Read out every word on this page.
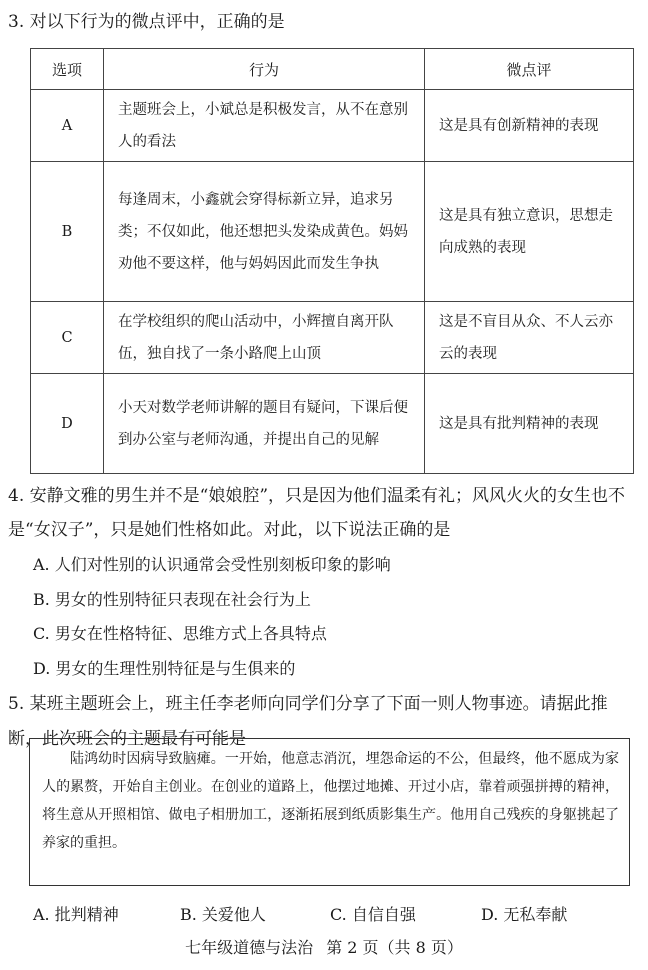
3. 对以下行为的微点评中，正确的是
选项	行为	微点评
A	主题班会上，小斌总是积极发言，从不在意别人的看法	这是具有创新精神的表现
B	每逢周末，小鑫就会穿得标新立异，追求另类；不仅如此，他还想把头发染成黄色。妈妈劝他不要这样，他与妈妈因此而发生争执	这是具有独立意识，思想走向成熟的表现
C	在学校组织的爬山活动中，小辉擅自离开队伍，独自找了一条小路爬上山顶	这是不盲目从众、不人云亦云的表现
D	小天对数学老师讲解的题目有疑问，下课后便到办公室与老师沟通，并提出自己的见解	这是具有批判精神的表现
4. 安静文雅的男生并不是“娘娘腔”，只是因为他们温柔有礼；风风火火的女生也不
是“女汉子”，只是她们性格如此。对此，以下说法正确的是
A. 人们对性别的认识通常会受性别刻板印象的影响
B. 男女的性别特征只表现在社会行为上
C. 男女在性格特征、思维方式上各具特点
D. 男女的生理性别特征是与生俱来的
5. 某班主题班会上，班主任李老师向同学们分享了下面一则人物事迹。请据此推
断，此次班会的主题最有可能是
陆鸿幼时因病导致脑瘫。一开始，他意志消沉，埋怨命运的不公，但最终，他不愿成为家人的累赘，开始自主创业。在创业的道路上，他摆过地摊、开过小店，靠着顽强拼搏的精神，将生意从开照相馆、做电子相册加工，逐渐拓展到纸质影集生产。他用自己残疾的身躯挑起了养家的重担。
A. 批判精神	B. 关爱他人	C. 自信自强	D. 无私奉献
七年级道德与法治 第 2 页（共 8 页）
